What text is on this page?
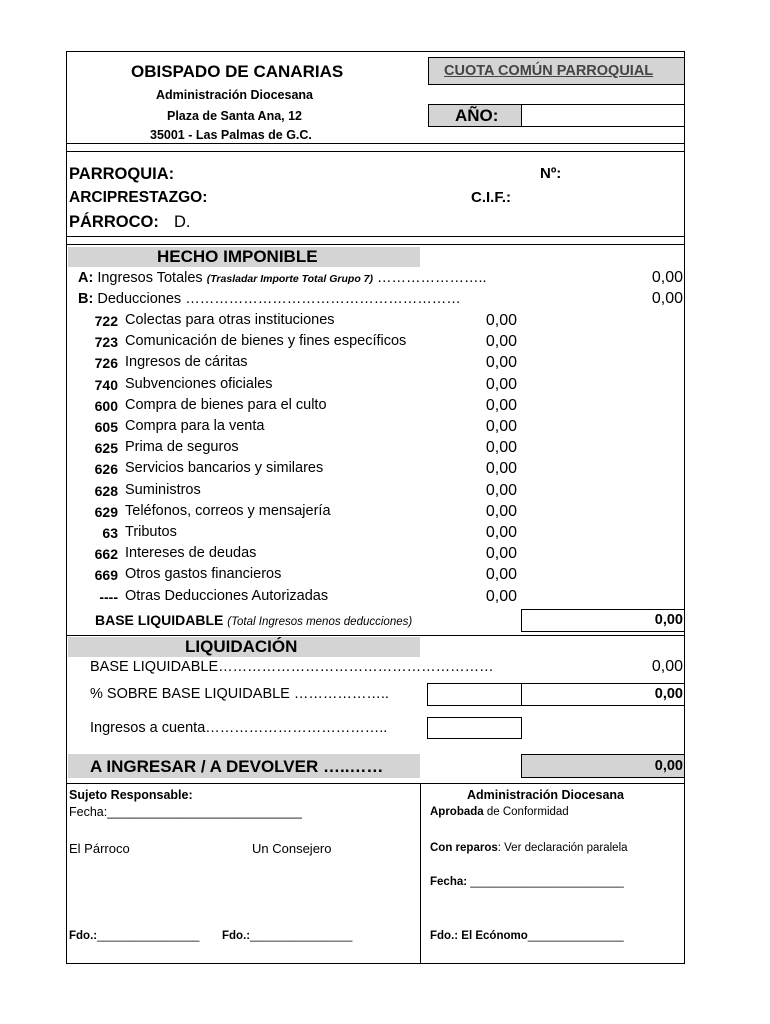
OBISPADO DE CANARIAS
Administración Diocesana
Plaza de Santa Ana, 12
35001 - Las Palmas de G.C.
CUOTA COMÚN PARROQUIAL
AÑO:
PARROQUIA:	Nº:
ARCIPRESTAZGO:	C.I.F.:
PÁRROCO: D.
HECHO IMPONIBLE
A: Ingresos Totales (Trasladar Importe Total Grupo 7) …………………..	0,00
B: Deducciones …………………………………………………	0,00
722 Colectas para otras instituciones	0,00
723 Comunicación de bienes y fines específicos	0,00
726 Ingresos de cáritas	0,00
740 Subvenciones oficiales	0,00
600 Compra de bienes para el culto	0,00
605 Compra para la venta	0,00
625 Prima de seguros	0,00
626 Servicios bancarios y similares	0,00
628 Suministros	0,00
629 Teléfonos, correos y mensajería	0,00
63 Tributos	0,00
662 Intereses de deudas	0,00
669 Otros gastos financieros	0,00
---- Otras Deducciones Autorizadas	0,00
BASE LIQUIDABLE (Total Ingresos menos deducciones)	0,00
LIQUIDACIÓN
BASE LIQUIDABLE…………………………………………………	0,00
% SOBRE BASE LIQUIDABLE ………………..	0,00
Ingresos a cuenta………………………………..
A INGRESAR / A DEVOLVER …..……	0,00
Sujeto Responsable:
Fecha:____________________________
El Párroco	Un Consejero
Fdo.:________________ Fdo.:________________
Administración Diocesana
Aprobada de Conformidad
Con reparos: Ver declaración paralela
Fecha: ________________________
Fdo.: El Ecónomo_______________
